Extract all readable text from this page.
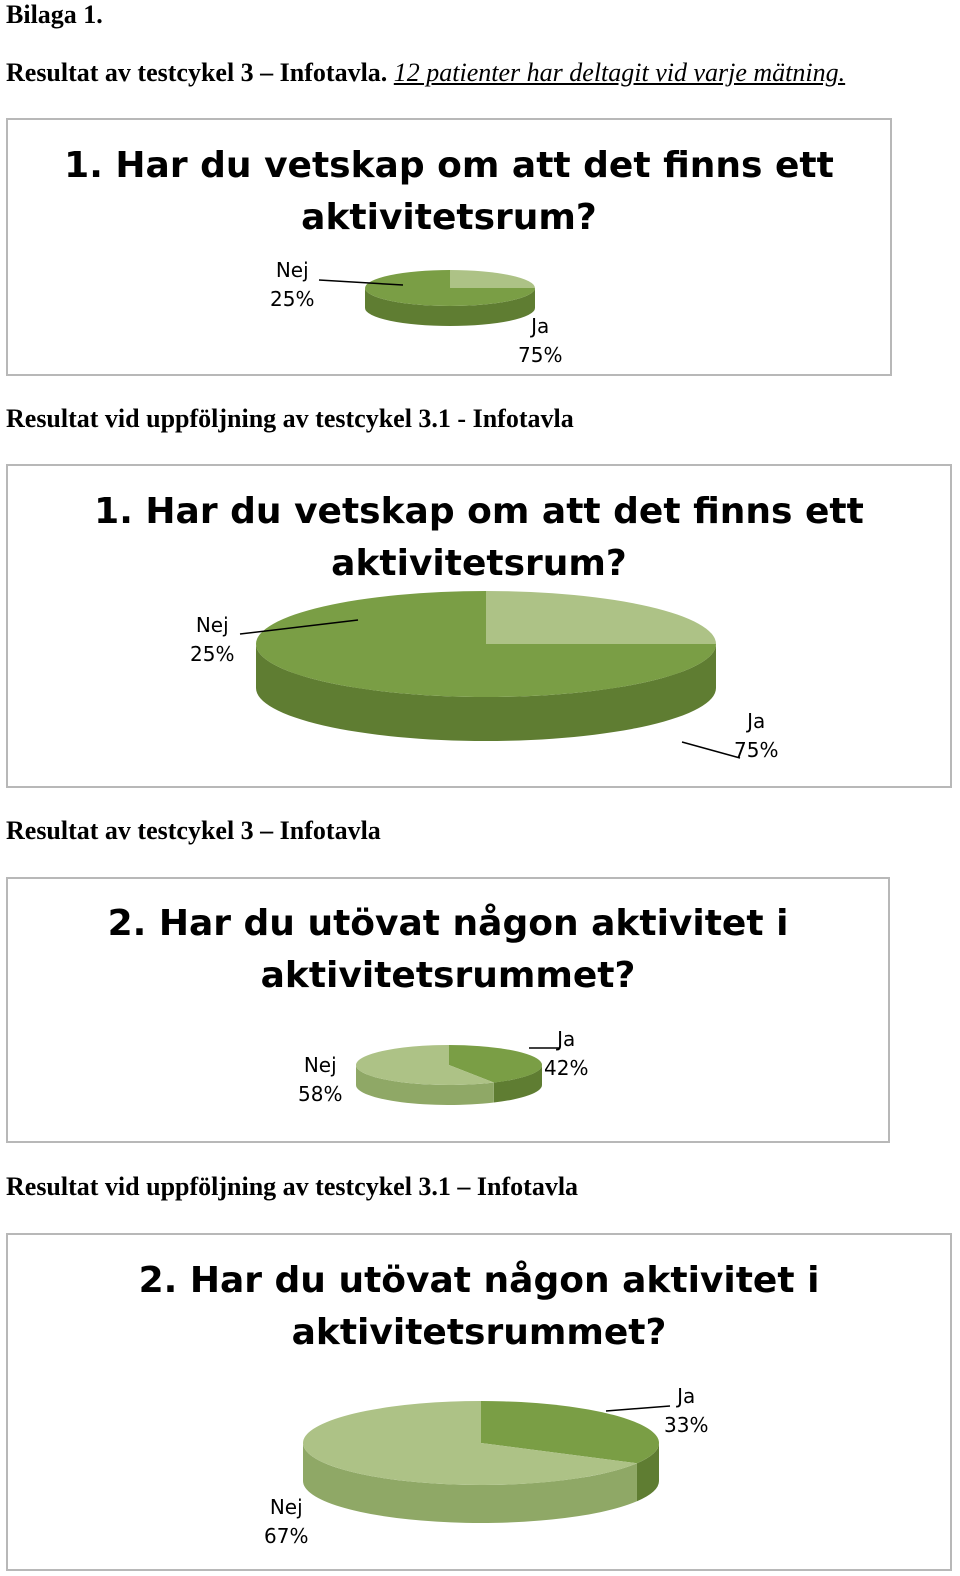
Bilaga 1.
Resultat av testcykel 3 – Infotavla. 12 patienter har deltagit vid varje mätning.
1. Har du vetskap om att det finns ett
aktivitetsrum?
Nej
25%
Ja
75%
Resultat vid uppföljning av testcykel 3.1 - Infotavla
1. Har du vetskap om att det finns ett
aktivitetsrum?
Nej
25%
Ja
75%
Resultat av testcykel 3 – Infotavla
2. Har du utövat någon aktivitet i
aktivitetsrummet?
Ja
42%
Nej
58%
Resultat vid uppföljning av testcykel 3.1 – Infotavla
2. Har du utövat någon aktivitet i
aktivitetsrummet?
Ja
33%
Nej
67%
